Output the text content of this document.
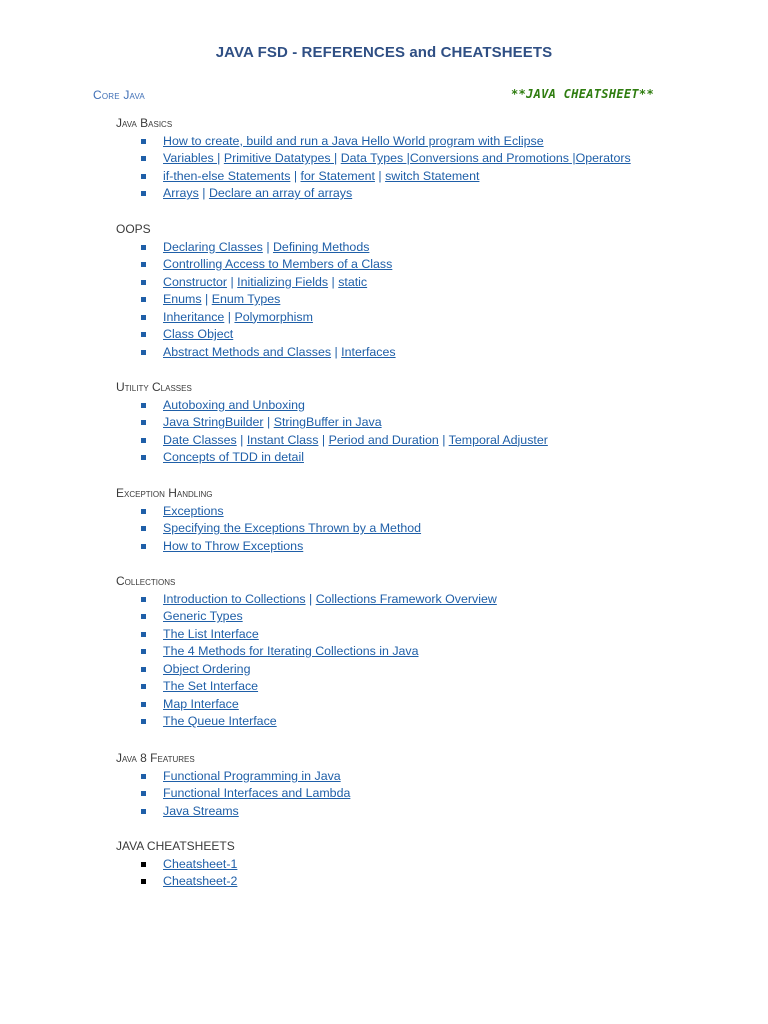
JAVA FSD - REFERENCES and CHEATSHEETS
Core Java	**JAVA CHEATSHEET**
Java Basics
How to create, build and run a Java Hello World program with Eclipse
Variables | Primitive Datatypes | Data Types |Conversions and Promotions |Operators
if-then-else Statements | for Statement | switch Statement
Arrays | Declare an array of arrays
OOPS
Declaring Classes | Defining Methods
Controlling Access to Members of a Class
Constructor | Initializing Fields | static
Enums | Enum Types
Inheritance | Polymorphism
Class Object
Abstract Methods and Classes | Interfaces
Utility Classes
Autoboxing and Unboxing
Java StringBuilder | StringBuffer in Java
Date Classes | Instant Class | Period and Duration | Temporal Adjuster
Concepts of TDD in detail
Exception Handling
Exceptions
Specifying the Exceptions Thrown by a Method
How to Throw Exceptions
Collections
Introduction to Collections | Collections Framework Overview
Generic Types
The List Interface
The 4 Methods for Iterating Collections in Java
Object Ordering
The Set Interface
Map Interface
The Queue Interface
Java 8 Features
Functional Programming in Java
Functional Interfaces and Lambda
Java Streams
JAVA CHEATSHEETS
Cheatsheet-1
Cheatsheet-2
